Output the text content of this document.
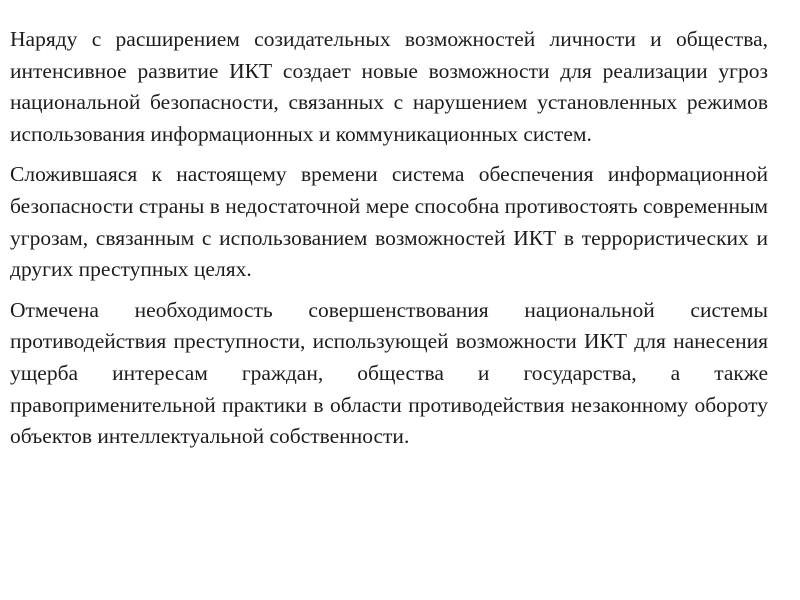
Наряду с расширением созидательных возможностей личности и общества, интенсивное развитие ИКТ создает новые возможности для реализации угроз национальной безопасности, связанных с нарушением установленных режимов использования информационных и коммуникационных систем.

Сложившаяся к настоящему времени система обеспечения информационной безопасности страны в недостаточной мере способна противостоять современным угрозам, связанным с использованием возможностей ИКТ в террористических и других преступных целях.

Отмечена необходимость совершенствования национальной системы противодействия преступности, использующей возможности ИКТ для нанесения ущерба интересам граждан, общества и государства, а также правоприменительной практики в области противодействия незаконному обороту объектов интеллектуальной собственности.
